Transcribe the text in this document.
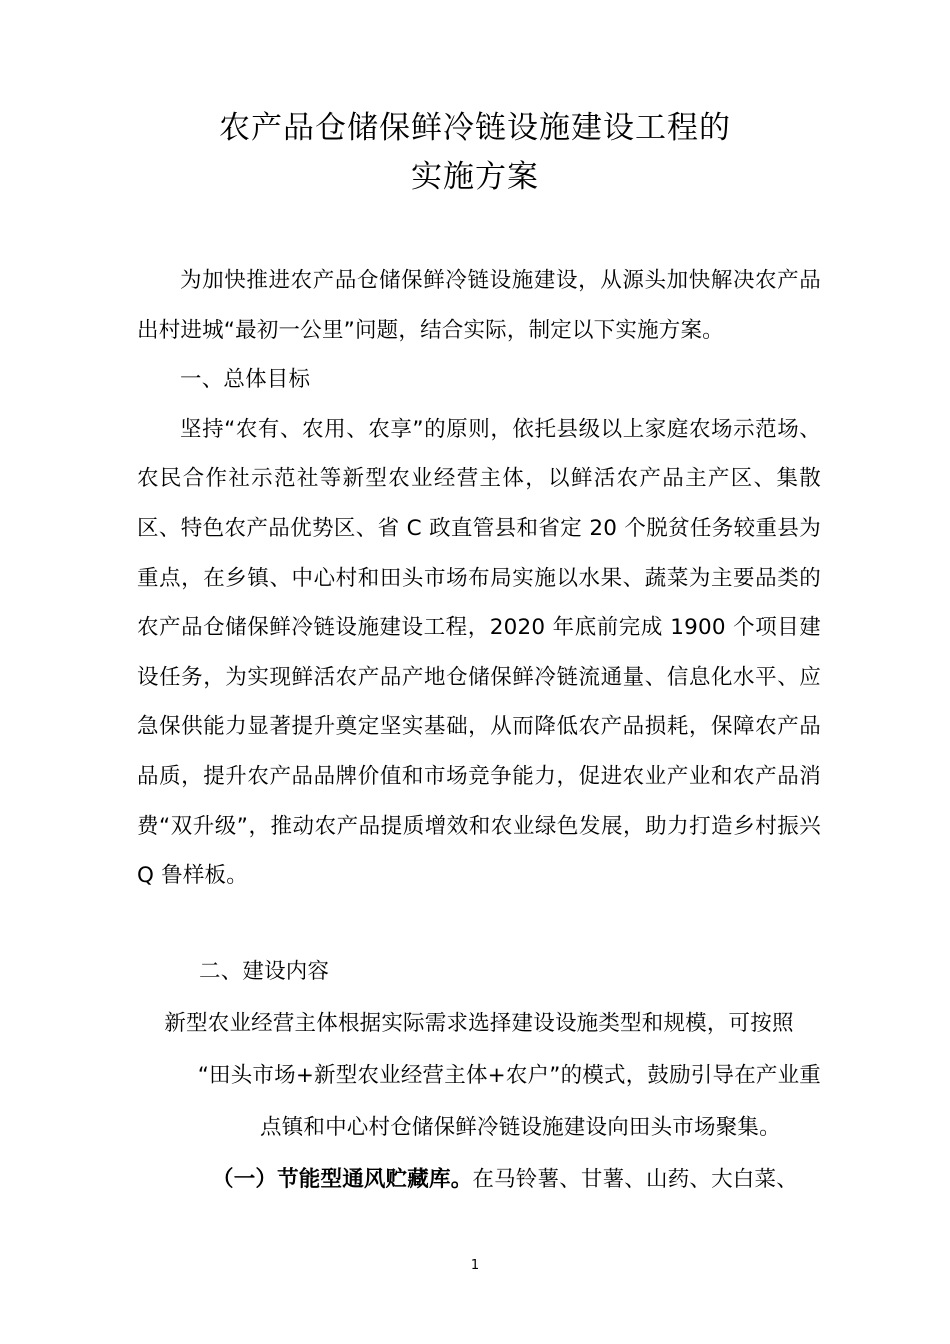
农产品仓储保鲜冷链设施建设工程的
实施方案

为加快推进农产品仓储保鲜冷链设施建设，从源头加快解决农产品出村进城“最初一公里”问题，结合实际，制定以下实施方案。

一、总体目标

坚持“农有、农用、农享”的原则，依托县级以上家庭农场示范场、农民合作社示范社等新型农业经营主体，以鲜活农产品主产区、集散区、特色农产品优势区、省 C 政直管县和省定 20 个脱贫任务较重县为重点，在乡镇、中心村和田头市场布局实施以水果、蔬菜为主要品类的农产品仓储保鲜冷链设施建设工程，2020 年底前完成 1900 个项目建设任务，为实现鲜活农产品产地仓储保鲜冷链流通量、信息化水平、应急保供能力显著提升奠定坚实基础，从而降低农产品损耗，保障农产品品质，提升农产品品牌价值和市场竞争能力，促进农业产业和农产品消费“双升级”，推动农产品提质增效和农业绿色发展，助力打造乡村振兴 Q 鲁样板。

二、建设内容

新型农业经营主体根据实际需求选择建设设施类型和规模，可按照

“田头市场+新型农业经营主体+农户”的模式，鼓励引导在产业重

点镇和中心村仓储保鲜冷链设施建设向田头市场聚集。

（一）节能型通风贮藏库。在马铃薯、甘薯、山药、大白菜、

1
